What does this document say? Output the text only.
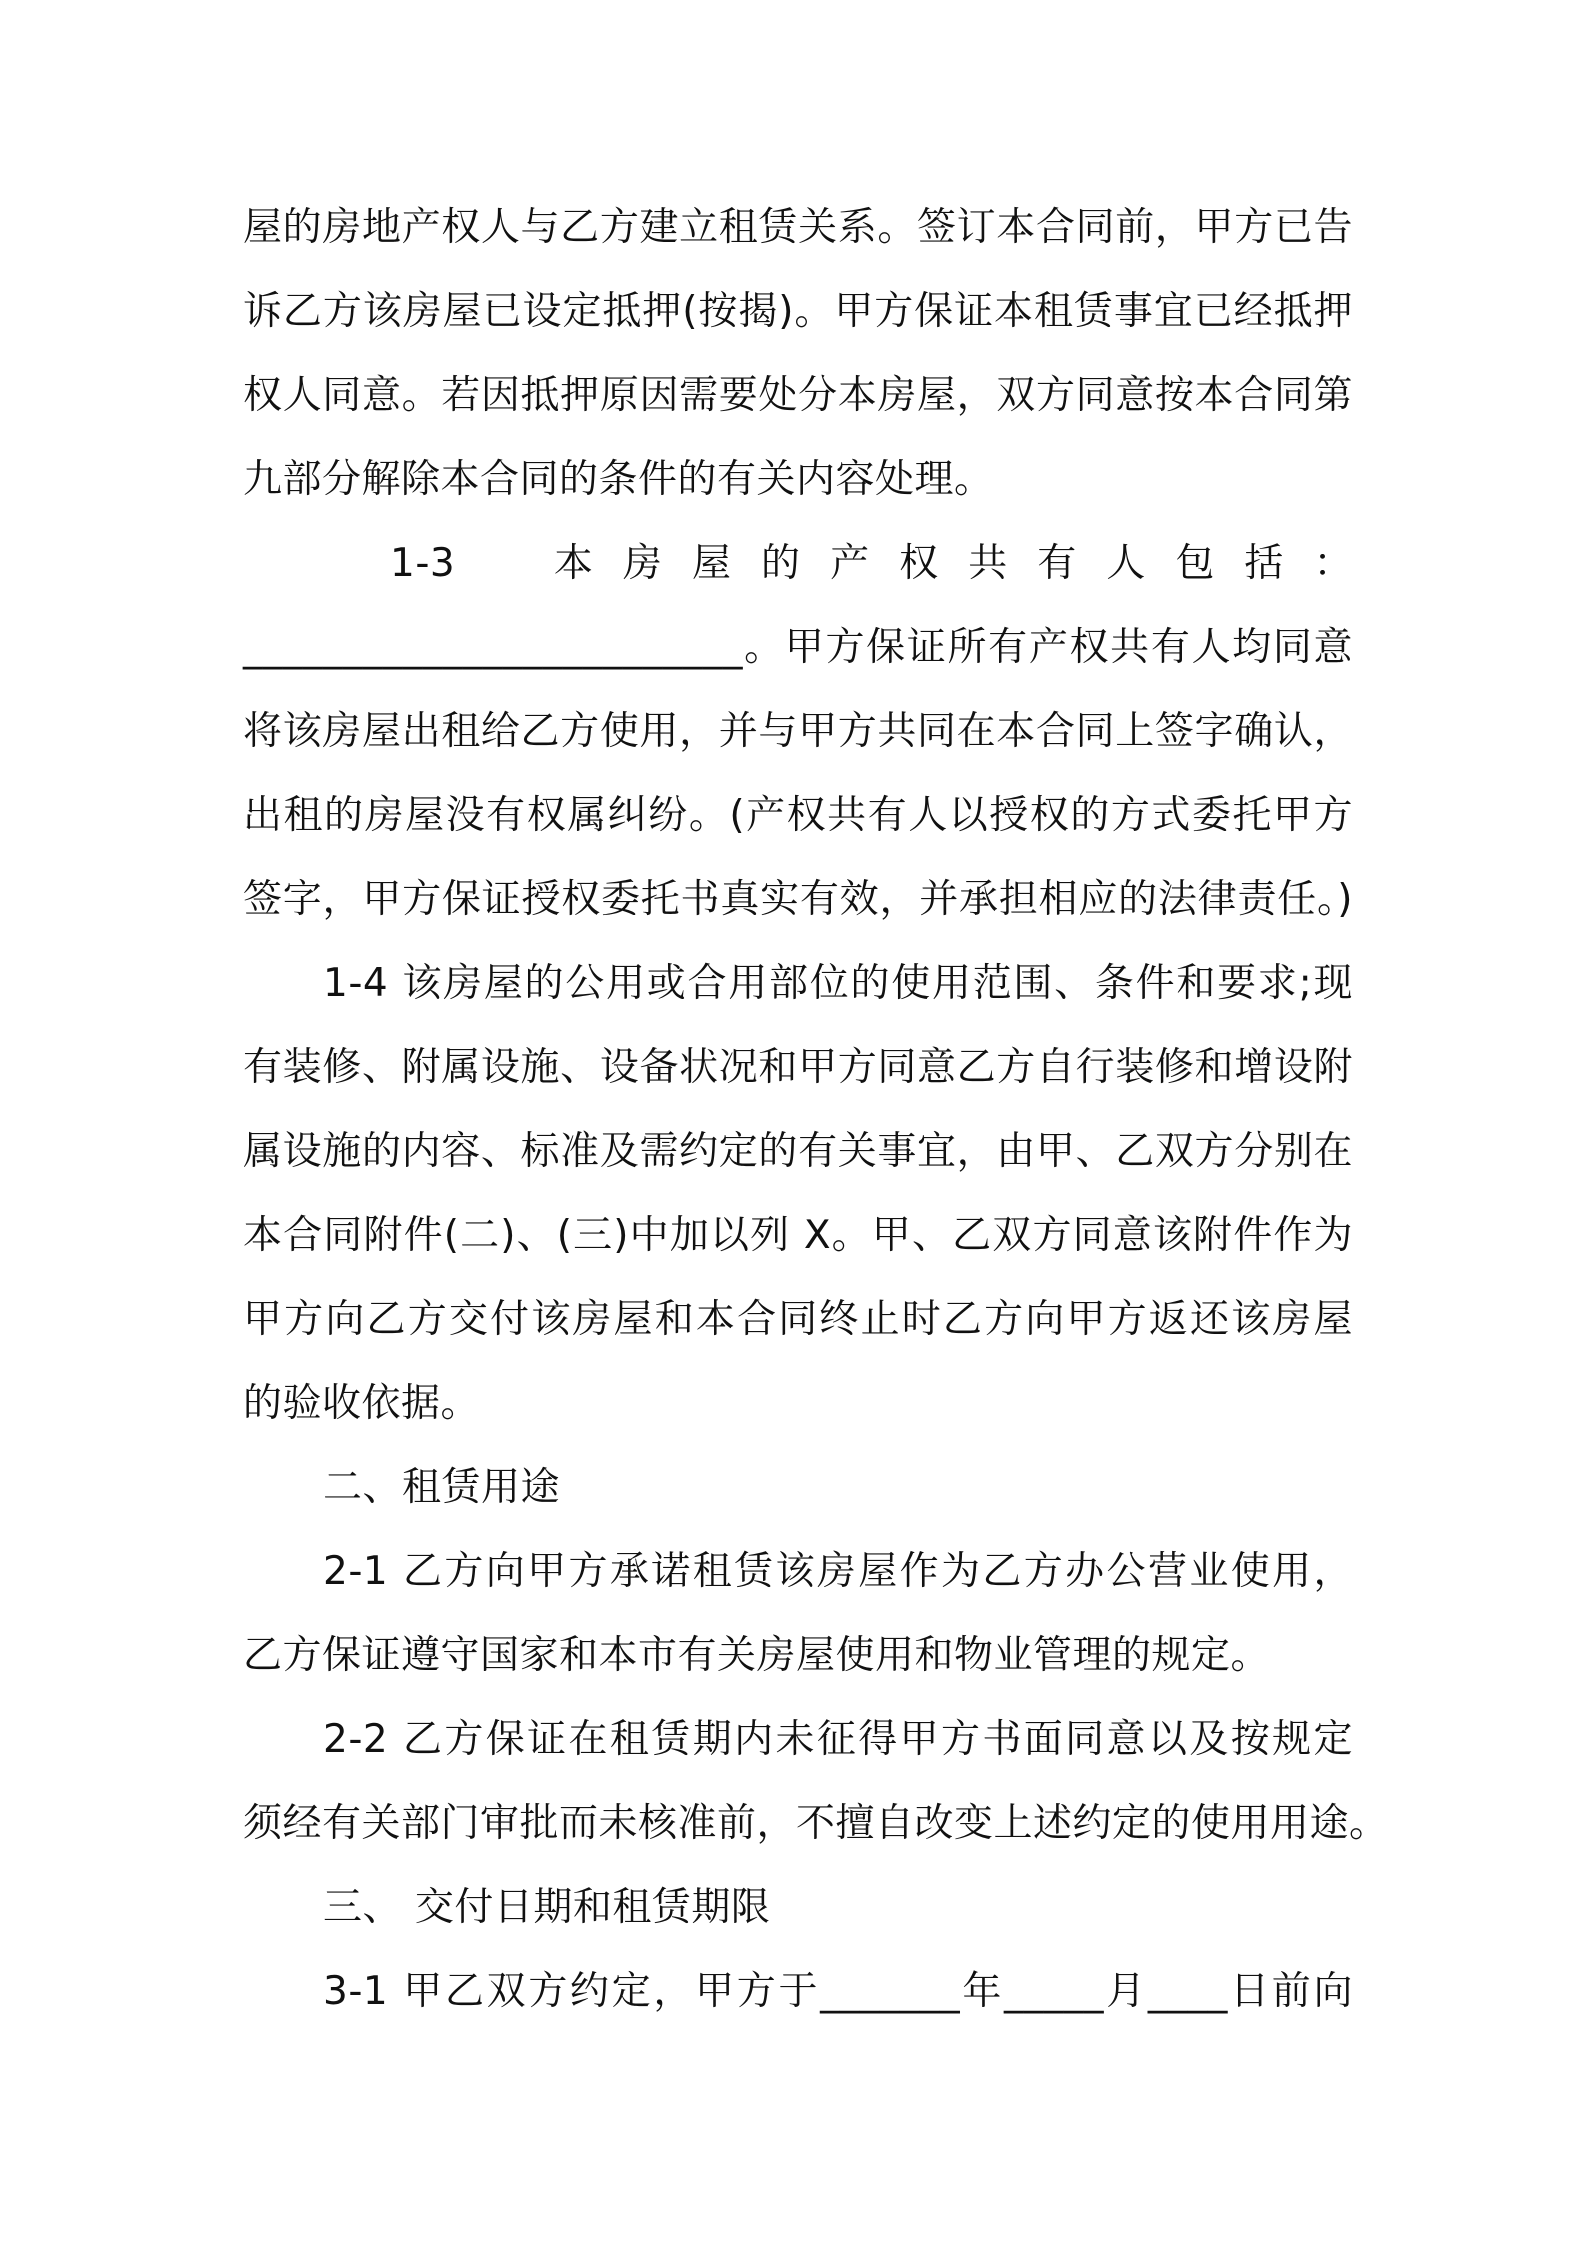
屋的房地产权人与乙方建立租赁关系。签订本合同前，甲方已告
诉乙方该房屋已设定抵押(按揭)。甲方保证本租赁事宜已经抵押
权人同意。若因抵押原因需要处分本房屋，双方同意按本合同第
九部分解除本合同的条件的有关内容处理。
1-3　本房屋的产权共有人包括：
_________________________。甲方保证所有产权共有人均同意
将该房屋出租给乙方使用，并与甲方共同在本合同上签字确认，
出租的房屋没有权属纠纷。(产权共有人以授权的方式委托甲方
签字，甲方保证授权委托书真实有效，并承担相应的法律责任。)
1-4 该房屋的公用或合用部位的使用范围、条件和要求;现
有装修、附属设施、设备状况和甲方同意乙方自行装修和增设附
属设施的内容、标准及需约定的有关事宜，由甲、乙双方分别在
本合同附件(二)、(三)中加以列 X。甲、乙双方同意该附件作为
甲方向乙方交付该房屋和本合同终止时乙方向甲方返还该房屋
的验收依据。
二、租赁用途
2-1 乙方向甲方承诺租赁该房屋作为乙方办公营业使用，
乙方保证遵守国家和本市有关房屋使用和物业管理的规定。
2-2 乙方保证在租赁期内未征得甲方书面同意以及按规定
须经有关部门审批而未核准前，不擅自改变上述约定的使用用途。
三、 交付日期和租赁期限
3-1 甲乙双方约定，甲方于_______年_____月____日前向
